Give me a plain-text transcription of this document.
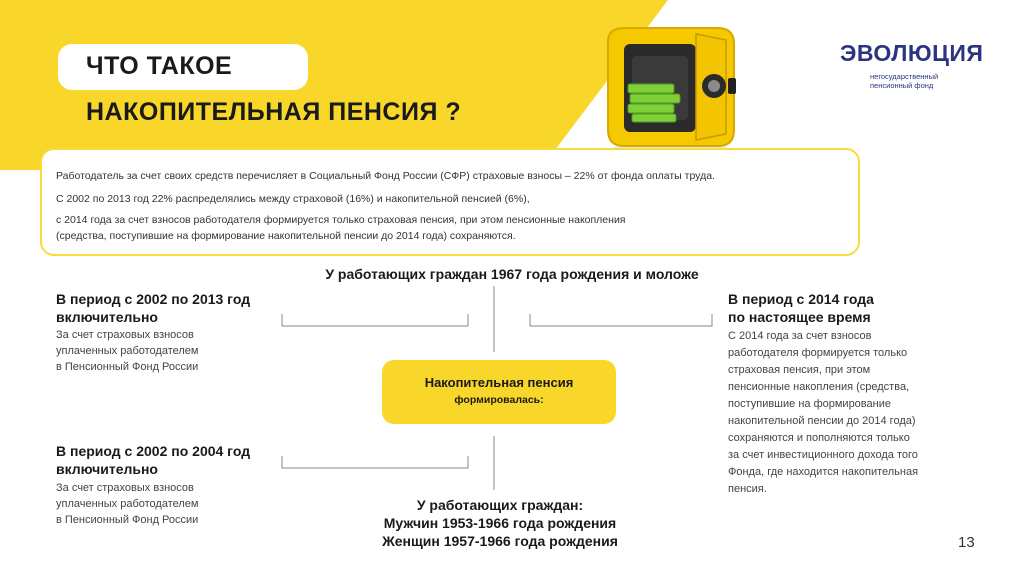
ЧТО ТАКОЕ
НАКОПИТЕЛЬНАЯ ПЕНСИЯ ?
ЭВОЛЮЦИЯ
негосударственный
пенсионный фонд
Работодатель за счет своих средств перечисляет в Социальный Фонд России (СФР) страховые взносы – 22% от фонда оплаты труда.
С 2002 по 2013 год 22% распределялись между страховой (16%) и накопительной пенсией (6%),
с 2014 года за счет взносов работодателя формируется только страховая пенсия, при этом пенсионные накопления
(средства, поступившие на формирование накопительной пенсии до 2014 года) сохраняются.
У работающих граждан 1967 года рождения и моложе
В период с 2002 по 2013 год
включительно
За счет страховых взносов
уплаченных работодателем
в Пенсионный Фонд России
В период с 2002 по 2004 год
включительно
За счет страховых взносов
уплаченных работодателем
в Пенсионный Фонд России
В период с 2014 года
по настоящее время
С 2014 года за счет взносов
работодателя формируется только
страховая пенсия, при этом
пенсионные накопления (средства,
поступившие на формирование
накопительной пенсии до 2014 года)
сохраняются и пополняются только
за счет инвестиционного дохода того
Фонда, где находится накопительная
пенсия.
Накопительная пенсия
формировалась:
У работающих граждан:
Мужчин 1953-1966 года рождения
Женщин 1957-1966 года рождения	13
